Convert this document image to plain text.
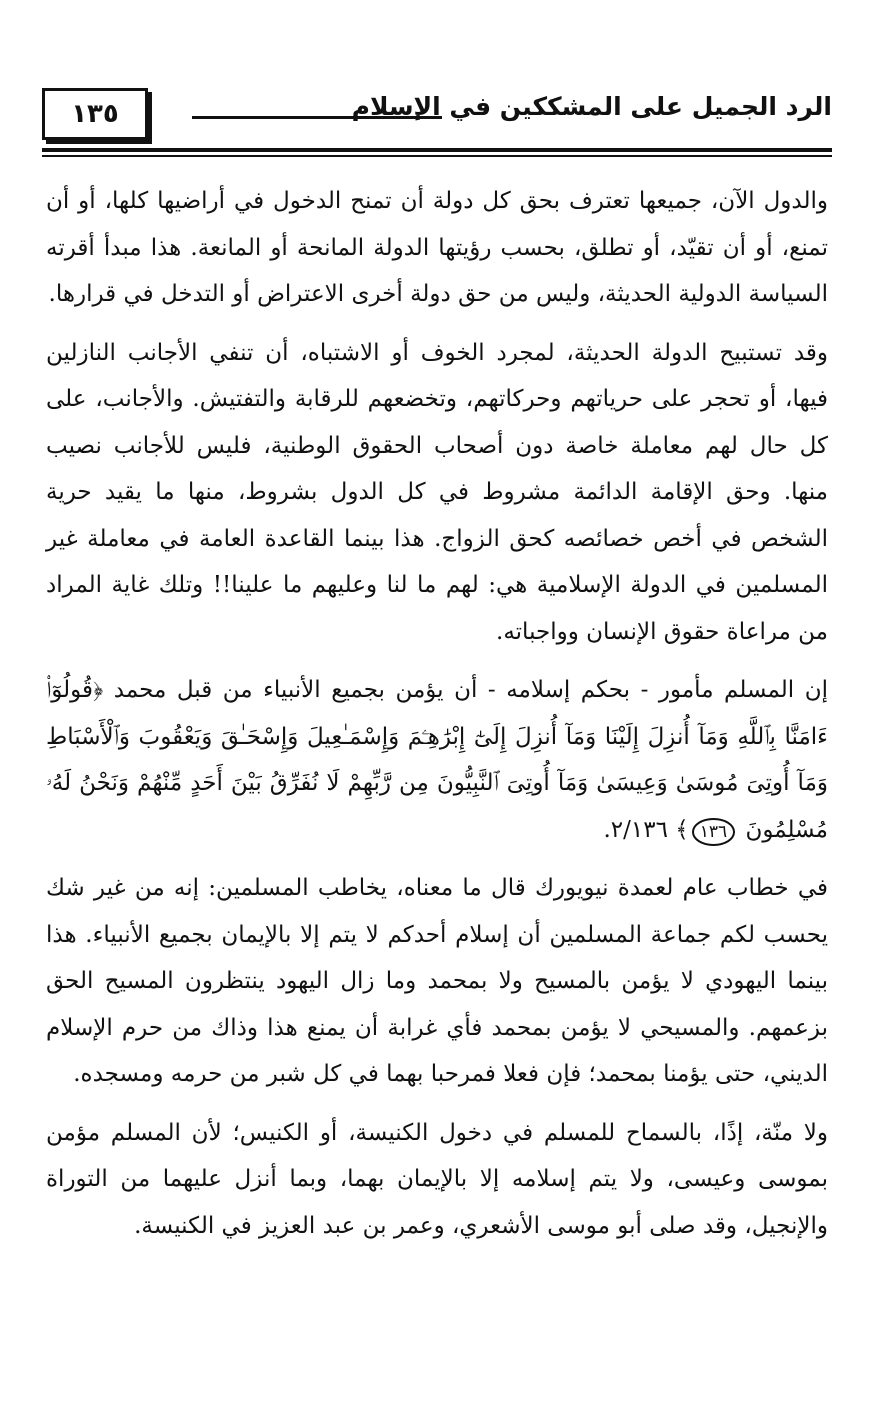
١٣٥	الرد الجميل على المشككين في الإسلام

والدول الآن، جميعها تعترف بحق كل دولة أن تمنح الدخول في أراضيها كلها، أو أن تمنع، أو أن تقيّد، أو تطلق، بحسب رؤيتها الدولة المانحة أو المانعة. هذا مبدأ أقرته السياسة الدولية الحديثة، وليس من حق دولة أخرى الاعتراض أو التدخل في قرارها.

وقد تستبيح الدولة الحديثة، لمجرد الخوف أو الاشتباه، أن تنفي الأجانب النازلين فيها، أو تحجر على حرياتهم وحركاتهم، وتخضعهم للرقابة والتفتيش. والأجانب، على كل حال لهم معاملة خاصة دون أصحاب الحقوق الوطنية، فليس للأجانب نصيب منها. وحق الإقامة الدائمة مشروط في كل الدول بشروط، منها ما يقيد حرية الشخص في أخص خصائصه كحق الزواج. هذا بينما القاعدة العامة في معاملة غير المسلمين في الدولة الإسلامية هي: لهم ما لنا وعليهم ما علينا!! وتلك غاية المراد من مراعاة حقوق الإنسان وواجباته.

إن المسلم مأمور - بحكم إسلامه - أن يؤمن بجميع الأنبياء من قبل محمد ﴿قُولُوٓا۟ ءَامَنَّا بِٱللَّهِ وَمَآ أُنزِلَ إِلَيْنَا وَمَآ أُنزِلَ إِلَىٰٓ إِبْرَٰهِـۧمَ وَإِسْمَـٰعِيلَ وَإِسْحَـٰقَ وَيَعْقُوبَ وَٱلْأَسْبَاطِ وَمَآ أُوتِىَ مُوسَىٰ وَعِيسَىٰ وَمَآ أُوتِىَ ٱلنَّبِيُّونَ مِن رَّبِّهِمْ لَا نُفَرِّقُ بَيْنَ أَحَدٍ مِّنْهُمْ وَنَحْنُ لَهُۥ مُسْلِمُونَ ١٣٦﴾ ٢/١٣٦.

في خطاب عام لعمدة نيويورك قال ما معناه، يخاطب المسلمين: إنه من غير شك يحسب لكم جماعة المسلمين أن إسلام أحدكم لا يتم إلا بالإيمان بجميع الأنبياء. هذا بينما اليهودي لا يؤمن بالمسيح ولا بمحمد وما زال اليهود ينتظرون المسيح الحق بزعمهم. والمسيحي لا يؤمن بمحمد فأي غرابة أن يمنع هذا وذاك من حرم الإسلام الديني، حتى يؤمنا بمحمد؛ فإن فعلا فمرحبا بهما في كل شبر من حرمه ومسجده.

ولا منّة، إذًا، بالسماح للمسلم في دخول الكنيسة، أو الكنيس؛ لأن المسلم مؤمن بموسى وعيسى، ولا يتم إسلامه إلا بالإيمان بهما، وبما أنزل عليهما من التوراة والإنجيل، وقد صلى أبو موسى الأشعري، وعمر بن عبد العزيز في الكنيسة.
